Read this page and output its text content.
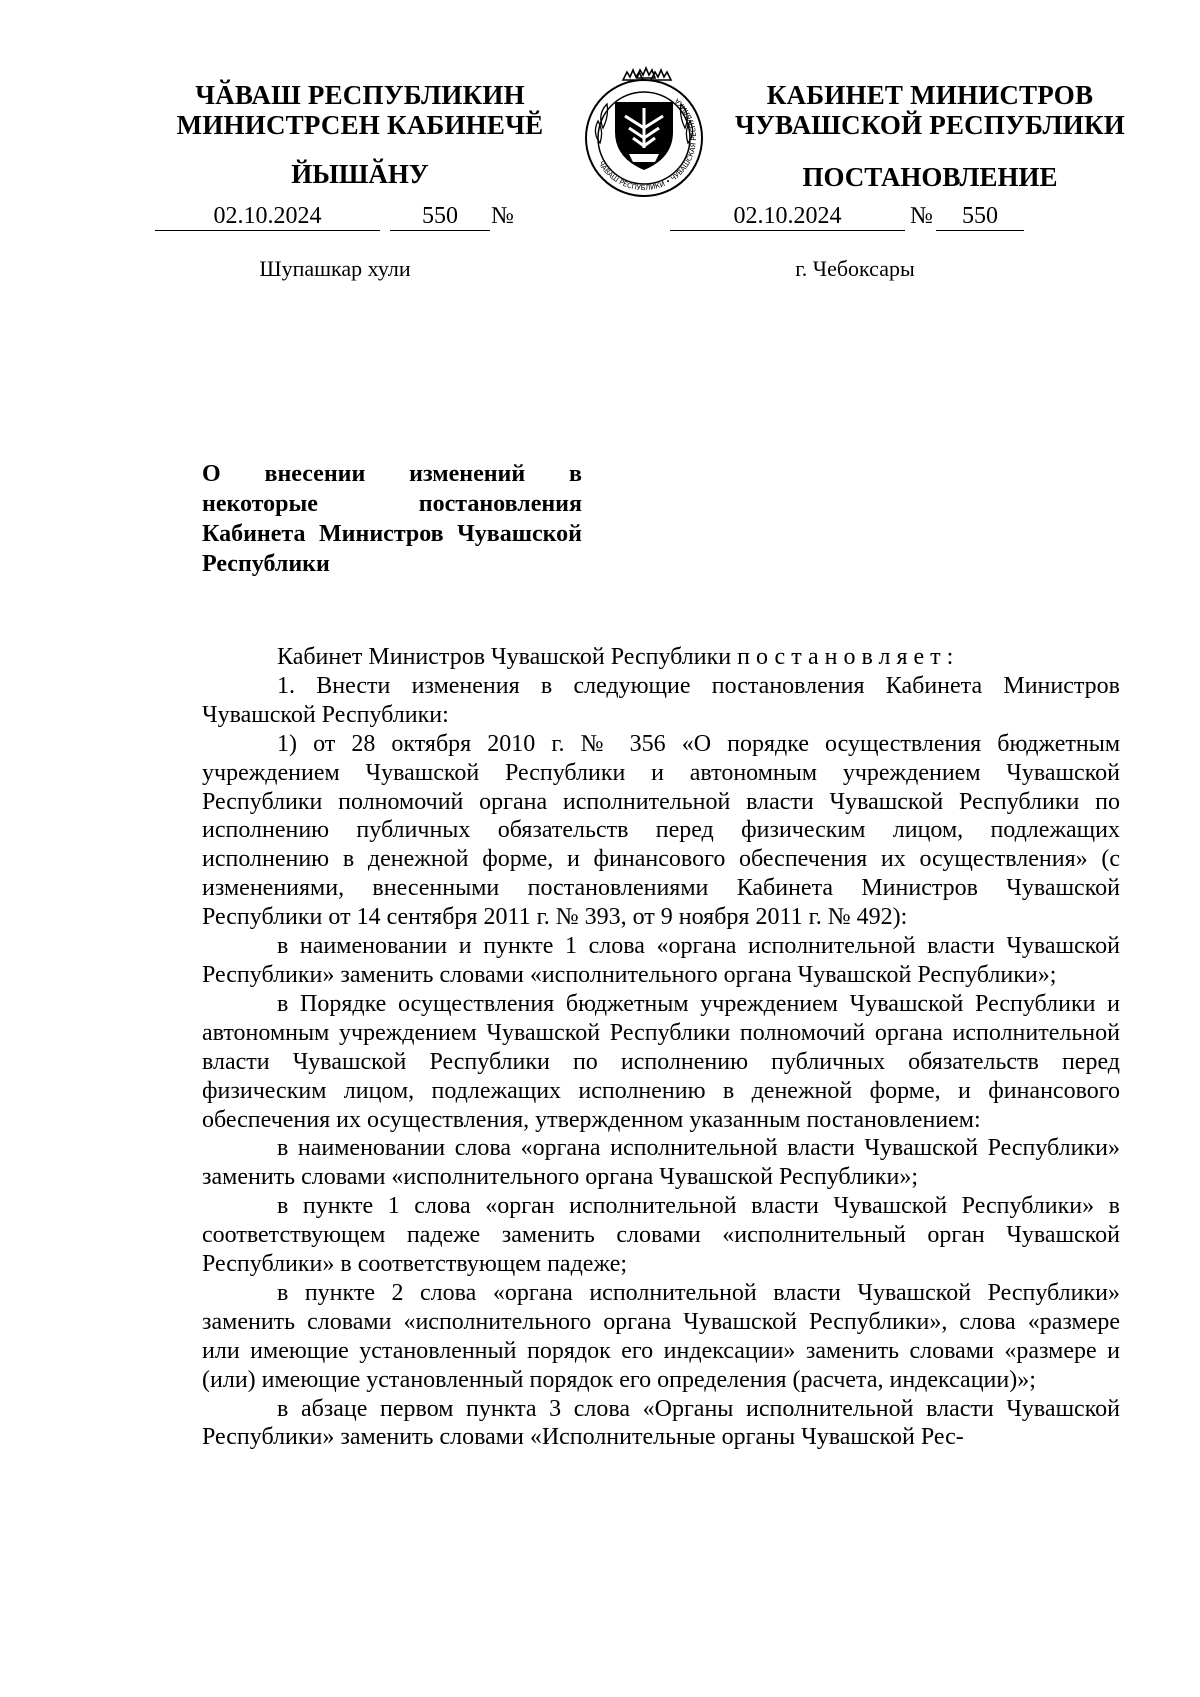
ЧӐВАШ РЕСПУБЛИКИН
МИНИСТРСЕН КАБИНЕЧӖ
ЙЫШӐНУ
КАБИНЕТ МИНИСТРОВ
ЧУВАШСКОЙ РЕСПУБЛИКИ
ПОСТАНОВЛЕНИЕ
ЧӐВАШ РЕСПУБЛИКИ • ЧУВАШСКАЯ РЕСПУБЛИКА
02.10.2024	550	№	02.10.2024	№	550
Шупашкар хули	г. Чебоксары
О внесении изменений в некоторые постановления Кабинета Министров Чувашской Республики

Кабинет Министров Чувашской Республики постановляет:

1. Внести изменения в следующие постановления Кабинета Министров Чувашской Республики:

1) от 28 октября 2010 г. № 356 «О порядке осуществления бюджетным учреждением Чувашской Республики и автономным учреждением Чувашской Республики полномочий органа исполнительной власти Чувашской Республики по исполнению публичных обязательств перед физическим лицом, подлежащих исполнению в денежной форме, и финансового обеспечения их осуществления» (с изменениями, внесенными постановлениями Кабинета Министров Чувашской Республики от 14 сентября 2011 г. № 393, от 9 ноября 2011 г. № 492):

в наименовании и пункте 1 слова «органа исполнительной власти Чувашской Республики» заменить словами «исполнительного органа Чувашской Республики»;

в Порядке осуществления бюджетным учреждением Чувашской Республики и автономным учреждением Чувашской Республики полномочий органа исполнительной власти Чувашской Республики по исполнению публичных обязательств перед физическим лицом, подлежащих исполнению в денежной форме, и финансового обеспечения их осуществления, утвержденном указанным постановлением:

в наименовании слова «органа исполнительной власти Чувашской Республики» заменить словами «исполнительного органа Чувашской Республики»;

в пункте 1 слова «орган исполнительной власти Чувашской Республики» в соответствующем падеже заменить словами «исполнительный орган Чувашской Республики» в соответствующем падеже;

в пункте 2 слова «органа исполнительной власти Чувашской Республики» заменить словами «исполнительного органа Чувашской Республики», слова «размере или имеющие установленный порядок его индексации» заменить словами «размере и (или) имеющие установленный порядок его определения (расчета, индексации)»;

в абзаце первом пункта 3 слова «Органы исполнительной власти Чувашской Республики» заменить словами «Исполнительные органы Чувашской Рес-
